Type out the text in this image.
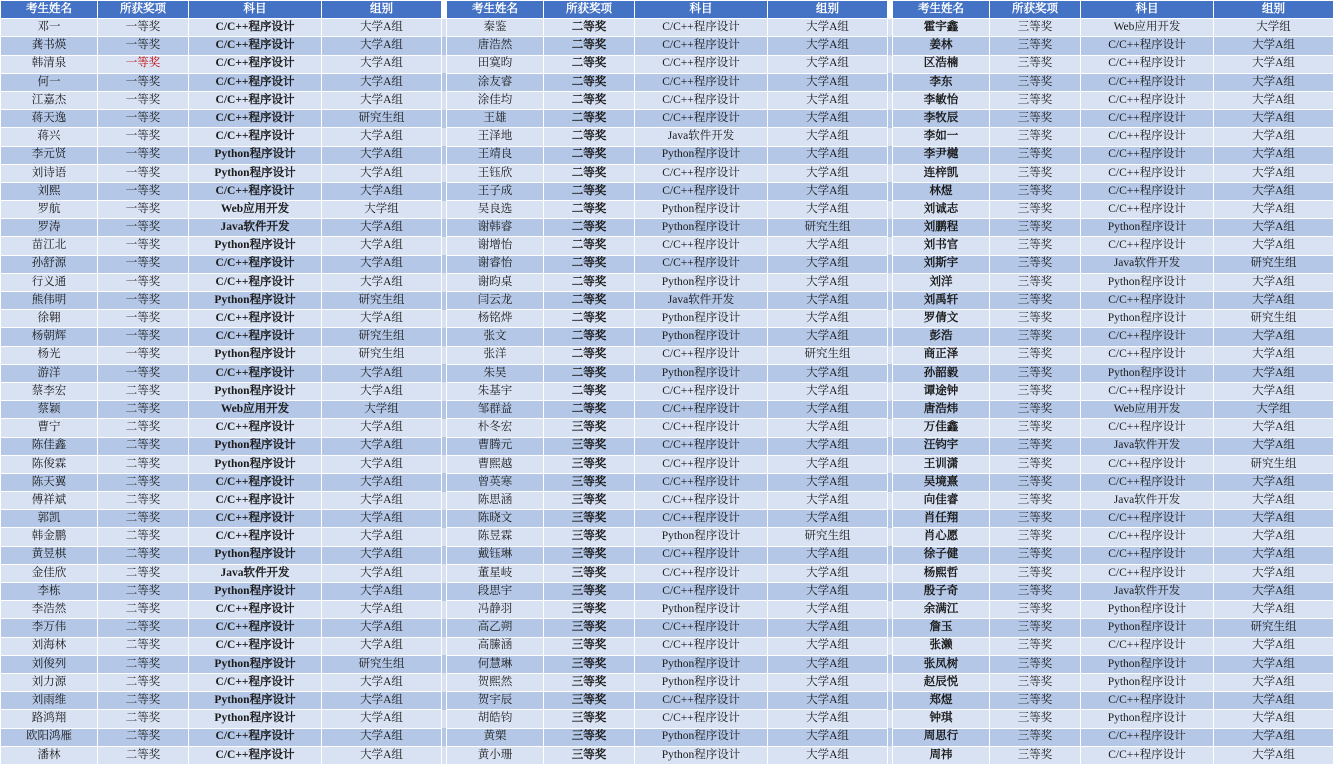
考生姓名	所获奖项	科目	组别		考生姓名	所获奖项	科目	组别		考生姓名	所获奖项	科目	组别
邓一	一等奖	C/C++程序设计	大学A组		秦鉴	二等奖	C/C++程序设计	大学A组		霍宇鑫	三等奖	Web应用开发	大学组
龚书煐	一等奖	C/C++程序设计	大学A组		唐浩然	二等奖	C/C++程序设计	大学A组		姜林	三等奖	C/C++程序设计	大学A组
韩清泉	一等奖	C/C++程序设计	大学A组		田寞昀	二等奖	C/C++程序设计	大学A组		区浩楠	三等奖	C/C++程序设计	大学A组
何一	一等奖	C/C++程序设计	大学A组		涂友睿	二等奖	C/C++程序设计	大学A组		李东	三等奖	C/C++程序设计	大学A组
江嘉杰	一等奖	C/C++程序设计	大学A组		涂佳均	二等奖	C/C++程序设计	大学A组		李敏怡	三等奖	C/C++程序设计	大学A组
蒋天逸	一等奖	C/C++程序设计	研究生组		王雄	二等奖	C/C++程序设计	大学A组		李牧辰	三等奖	C/C++程序设计	大学A组
蒋兴	一等奖	C/C++程序设计	大学A组		王泽地	二等奖	Java软件开发	大学A组		李如一	三等奖	C/C++程序设计	大学A组
李元贤	一等奖	Python程序设计	大学A组		王靖良	二等奖	Python程序设计	大学A组		李尹樾	三等奖	C/C++程序设计	大学A组
刘诗语	一等奖	Python程序设计	大学A组		王钰欣	二等奖	C/C++程序设计	大学A组		连梓凯	三等奖	C/C++程序设计	大学A组
刘熙	一等奖	C/C++程序设计	大学A组		王子成	二等奖	C/C++程序设计	大学A组		林煜	三等奖	C/C++程序设计	大学A组
罗航	一等奖	Web应用开发	大学组		吴良选	二等奖	Python程序设计	大学A组		刘诚志	三等奖	C/C++程序设计	大学A组
罗涛	一等奖	Java软件开发	大学A组		谢韩睿	二等奖	Python程序设计	研究生组		刘鹏程	三等奖	Python程序设计	大学A组
苗江北	一等奖	Python程序设计	大学A组		谢增怡	二等奖	C/C++程序设计	大学A组		刘书官	三等奖	C/C++程序设计	大学A组
孙舒源	一等奖	C/C++程序设计	大学A组		谢睿怡	二等奖	C/C++程序设计	大学A组		刘斯宇	三等奖	Java软件开发	研究生组
行义通	一等奖	C/C++程序设计	大学A组		谢昀桌	二等奖	Python程序设计	大学A组		刘洋	三等奖	Python程序设计	大学A组
熊伟明	一等奖	Python程序设计	研究生组		闫云龙	二等奖	Java软件开发	大学A组		刘禹轩	三等奖	C/C++程序设计	大学A组
徐翱	一等奖	C/C++程序设计	大学A组		杨铭烨	二等奖	Python程序设计	大学A组		罗倩文	三等奖	Python程序设计	研究生组
杨朝辉	一等奖	C/C++程序设计	研究生组		张文	二等奖	Python程序设计	大学A组		彭浩	三等奖	C/C++程序设计	大学A组
杨光	一等奖	Python程序设计	研究生组		张洋	二等奖	C/C++程序设计	研究生组		商正泽	三等奖	C/C++程序设计	大学A组
游洋	一等奖	C/C++程序设计	大学A组		朱昊	二等奖	Python程序设计	大学A组		孙韶毅	三等奖	Python程序设计	大学A组
蔡李宏	二等奖	Python程序设计	大学A组		朱基宇	二等奖	C/C++程序设计	大学A组		谭途钟	三等奖	C/C++程序设计	大学A组
蔡颖	二等奖	Web应用开发	大学组		邹群益	二等奖	C/C++程序设计	大学A组		唐浩炜	三等奖	Web应用开发	大学组
曹宁	二等奖	C/C++程序设计	大学A组		朴冬宏	三等奖	C/C++程序设计	大学A组		万佳鑫	三等奖	C/C++程序设计	大学A组
陈佳鑫	二等奖	Python程序设计	大学A组		曹腾元	三等奖	C/C++程序设计	大学A组		汪钧宇	三等奖	Java软件开发	大学A组
陈俊霖	二等奖	Python程序设计	大学A组		曹熙越	三等奖	C/C++程序设计	大学A组		王训潇	三等奖	C/C++程序设计	研究生组
陈天翼	二等奖	C/C++程序设计	大学A组		曾英寒	三等奖	C/C++程序设计	大学A组		吴境熹	三等奖	C/C++程序设计	大学A组
傅祥斌	二等奖	C/C++程序设计	大学A组		陈思涵	三等奖	C/C++程序设计	大学A组		向佳睿	三等奖	Java软件开发	大学A组
郭凯	二等奖	C/C++程序设计	大学A组		陈晓文	三等奖	C/C++程序设计	大学A组		肖任翔	三等奖	C/C++程序设计	大学A组
韩金鹏	二等奖	C/C++程序设计	大学A组		陈昱霖	三等奖	Python程序设计	研究生组		肖心愿	三等奖	C/C++程序设计	大学A组
黄昱棋	二等奖	Python程序设计	大学A组		戴钰琳	三等奖	C/C++程序设计	大学A组		徐子健	三等奖	C/C++程序设计	大学A组
金佳欣	二等奖	Java软件开发	大学A组		董星岐	三等奖	C/C++程序设计	大学A组		杨熙哲	三等奖	C/C++程序设计	大学A组
李栋	二等奖	Python程序设计	大学A组		段思宇	三等奖	C/C++程序设计	大学A组		殷子奇	三等奖	Java软件开发	大学A组
李浩然	二等奖	C/C++程序设计	大学A组		冯静羽	三等奖	Python程序设计	大学A组		余满江	三等奖	Python程序设计	大学A组
李万伟	二等奖	C/C++程序设计	大学A组		高乙朔	三等奖	C/C++程序设计	大学A组		詹玉	三等奖	Python程序设计	研究生组
刘海林	二等奖	C/C++程序设计	大学A组		高縢涵	三等奖	C/C++程序设计	大学A组		张濑	三等奖	C/C++程序设计	大学A组
刘俊列	二等奖	Python程序设计	研究生组		何慧琳	三等奖	Python程序设计	大学A组		张凤树	三等奖	Python程序设计	大学A组
刘力源	二等奖	C/C++程序设计	大学A组		贺熙然	三等奖	Python程序设计	大学A组		赵辰悦	三等奖	Python程序设计	大学A组
刘雨维	二等奖	Python程序设计	大学A组		贺宇辰	三等奖	C/C++程序设计	大学A组		郑煜	三等奖	C/C++程序设计	大学A组
路鸿翔	二等奖	Python程序设计	大学A组		胡皓钧	三等奖	C/C++程序设计	大学A组		钟琪	三等奖	Python程序设计	大学A组
欧阳鸿雁	二等奖	C/C++程序设计	大学A组		黄槊	三等奖	Python程序设计	大学A组		周思行	三等奖	C/C++程序设计	大学A组
潘林	二等奖	C/C++程序设计	大学A组		黄小珊	三等奖	Python程序设计	大学A组		周祎	三等奖	C/C++程序设计	大学A组
